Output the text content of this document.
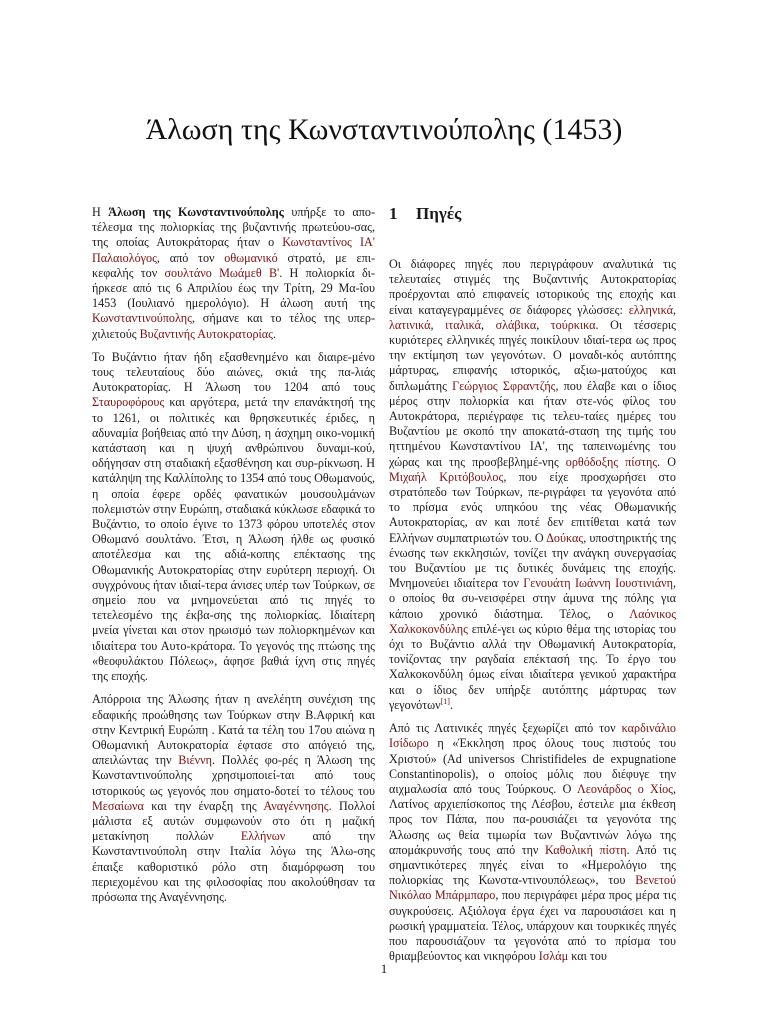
Άλωση της Κωνσταντινούπολης (1453)

Η Άλωση της Κωνσταντινούπολης υπήρξε το απο-τέλεσμα της πολιορκίας της βυζαντινής πρωτεύου-σας, της οποίας Αυτοκράτορας ήταν ο Κωνσταντίνος ΙΑ' Παλαιολόγος, από τον οθωμανικό στρατό, με επι-κεφαλής τον σουλτάνο Μωάμεθ Β'. Η πολιορκία δι-ήρκεσε από τις 6 Απριλίου έως την Τρίτη, 29 Μα-ΐου 1453 (Ιουλιανό ημερολόγιο). Η άλωση αυτή της Κωνσταντινούπολης, σήμανε και το τέλος της υπερ-χιλιετούς Βυζαντινής Αυτοκρατορίας.

Το Βυζάντιο ήταν ήδη εξασθενημένο και διαιρε-μένο τους τελευταίους δύο αιώνες, σκιά της πα-λιάς Αυτοκρατορίας. Η Άλωση του 1204 από τους Σταυροφόρους και αργότερα, μετά την επανάκτησή της το 1261, οι πολιτικές και θρησκευτικές έριδες, η αδυναμία βοήθειας από την Δύση, η άσχημη οικο-νομική κατάσταση και η ψυχή ανθρώπινου δυναμι-κού, οδήγησαν στη σταδιακή εξασθένηση και συρ-ρίκνωση. Η κατάληψη της Καλλίπολης το 1354 από τους Οθωμανούς, η οποία έφερε ορδές φανατικών μουσουλμάνων πολεμιστών στην Ευρώπη, σταδιακά κύκλωσε εδαφικά το Βυζάντιο, το οποίο έγινε το 1373 φόρου υποτελές στον Οθωμανό σουλτάνο. Έτσι, η Άλωση ήλθε ως φυσικό αποτέλεσμα και της αδιά-κοπης επέκτασης της Οθωμανικής Αυτοκρατορίας στην ευρύτερη περιοχή. Οι συγχρόνους ήταν ιδιαί-τερα άνισες υπέρ των Τούρκων, σε σημείο που να μνημονεύεται από τις πηγές το τετελεσμένο της έκβα-σης της πολιορκίας. Ιδιαίτερη μνεία γίνεται και στον ηρωισμό των πολιορκημένων και ιδιαίτερα του Αυτο-κράτορα. Το γεγονός της πτώσης της «θεοφυλάκτου Πόλεως», άφησε βαθιά ίχνη στις πηγές της εποχής.

Απόρροια της Άλωσης ήταν η ανελέητη συνέχιση της εδαφικής προώθησης των Τούρκων στην Β.Αφρική και στην Κεντρική Ευρώπη . Κατά τα τέλη του 17ου αιώνα η Οθωμανική Αυτοκρατορία έφτασε στο απόγειό της, απειλώντας την Βιέννη. Πολλές φο-ρές η Άλωση της Κωνσταντινούπολης χρησιμοποιεί-ται από τους ιστορικούς ως γεγονός που σηματο-δοτεί το τέλους του Μεσαίωνα και την έναρξη της Αναγέννησης. Πολλοί μάλιστα εξ αυτών συμφωνούν στο ότι η μαζική μετακίνηση πολλών Ελλήνων από την Κωνσταντινούπολη στην Ιταλία λόγω της Άλω-σης έπαιξε καθοριστικό ρόλο στη διαμόρφωση του περιεχομένου και της φιλοσοφίας που ακολούθησαν τα πρόσωπα της Αναγέννησης.

1 Πηγές

Οι διάφορες πηγές που περιγράφουν αναλυτικά τις τελευταίες στιγμές της Βυζαντινής Αυτοκρατορίας προέρχονται από επιφανείς ιστορικούς της εποχής και είναι καταγεγραμμένες σε διάφορες γλώσσες: ελληνικά, λατινικά, ιταλικά, σλάβικα, τούρκικα. Οι τέσσερις κυριότερες ελληνικές πηγές ποικίλουν ιδιαί-τερα ως προς την εκτίμηση των γεγονότων. Ο μοναδι-κός αυτόπτης μάρτυρας, επιφανής ιστορικός, αξιω-ματούχος και διπλωμάτης Γεώργιος Σφραντζής, που έλαβε και ο ίδιος μέρος στην πολιορκία και ήταν στε-νός φίλος του Αυτοκράτορα, περιέγραφε τις τελευ-ταίες ημέρες του Βυζαντίου με σκοπό την αποκατά-σταση της τιμής του ηττημένου Κωνσταντίνου ΙΑ', της ταπεινωμένης του χώρας και της προσβεβλημέ-νης ορθόδοξης πίστης. Ο Μιχαήλ Κριτόβουλος, που είχε προσχωρήσει στο στρατόπεδο των Τούρκων, πε-ριγράφει τα γεγονότα από το πρίσμα ενός υπηκόου της νέας Οθωμανικής Αυτοκρατορίας, αν και ποτέ δεν επιτίθεται κατά των Ελλήνων συμπατριωτών του. Ο Δούκας, υποστηρικτής της ένωσης των εκκλησιών, τονίζει την ανάγκη συνεργασίας του Βυζαντίου με τις δυτικές δυνάμεις της εποχής. Μνημονεύει ιδιαίτερα τον Γενουάτη Ιωάννη Ιουστινιάνη, ο οποίος θα συ-νεισφέρει στην άμυνα της πόλης για κάποιο χρονικό διάστημα. Τέλος, ο Λαόνικος Χαλκοκονδύλης επιλέ-γει ως κύριο θέμα της ιστορίας του όχι το Βυζάντιο αλλά την Οθωμανική Αυτοκρατορία, τονίζοντας την ραγδαία επέκτασή της. Το έργο του Χαλκοκονδύλη όμως είναι ιδιαίτερα γενικού χαρακτήρα και ο ίδιος δεν υπήρξε αυτόπτης μάρτυρας των γεγονότων[1].

Από τις Λατινικές πηγές ξεχωρίζει από τον καρδινάλιο Ισίδωρο η «Έκκληση προς όλους τους πιστούς του Χριστού» (Ad universos Christifideles de expugnatione Constantinopolis), ο οποίος μόλις που διέφυγε την αιχμαλωσία από τους Τούρκους. Ο Λεονάρδος ο Χίος, Λατίνος αρχιεπίσκοπος της Λέσβου, έστειλε μια έκθεση προς τον Πάπα, που πα-ρουσιάζει τα γεγονότα της Άλωσης ως θεία τιμωρία των Βυζαντινών λόγω της απομάκρυνσής τους από την Καθολική πίστη. Από τις σημαντικότερες πηγές είναι το «Ημερολόγιο της πολιορκίας της Κωνστα-ντινουπόλεως», του Βενετού Νικόλαο Μπάρμπαρο, που περιγράφει μέρα προς μέρα τις συγκρούσεις. Αξιόλογα έργα έχει να παρουσιάσει και η ρωσική γραμματεία. Τέλος, υπάρχουν και τουρκικές πηγές που παρουσιάζουν τα γεγονότα από το πρίσμα του θριαμβεύοντος και νικηφόρου Ισλάμ και του

1
